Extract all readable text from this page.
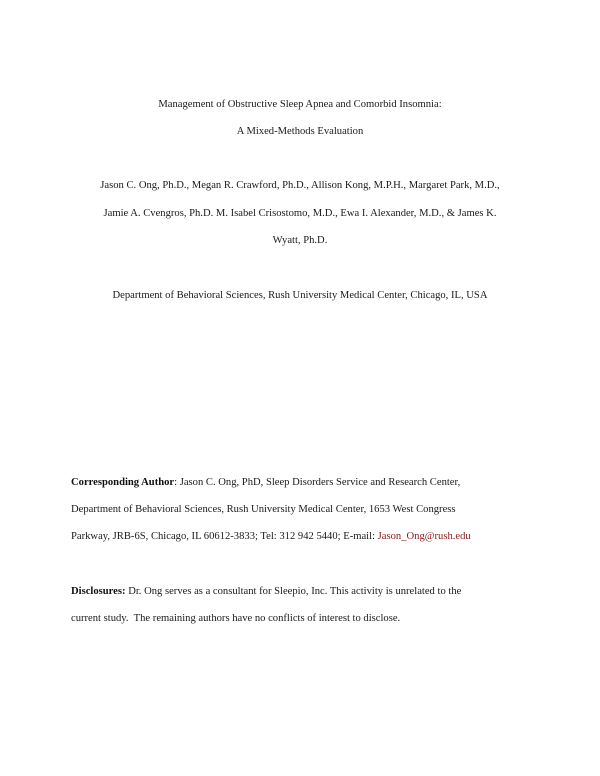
Management of Obstructive Sleep Apnea and Comorbid Insomnia:
A Mixed-Methods Evaluation
Jason C. Ong, Ph.D., Megan R. Crawford, Ph.D., Allison Kong, M.P.H., Margaret Park, M.D.,
Jamie A. Cvengros, Ph.D. M. Isabel Crisostomo, M.D., Ewa I. Alexander, M.D., & James K.
Wyatt, Ph.D.
Department of Behavioral Sciences, Rush University Medical Center, Chicago, IL, USA
Corresponding Author: Jason C. Ong, PhD, Sleep Disorders Service and Research Center,
Department of Behavioral Sciences, Rush University Medical Center, 1653 West Congress
Parkway, JRB-6S, Chicago, IL 60612-3833; Tel: 312 942 5440; E-mail: Jason_Ong@rush.edu
Disclosures: Dr. Ong serves as a consultant for Sleepio, Inc. This activity is unrelated to the
current study.  The remaining authors have no conflicts of interest to disclose.
